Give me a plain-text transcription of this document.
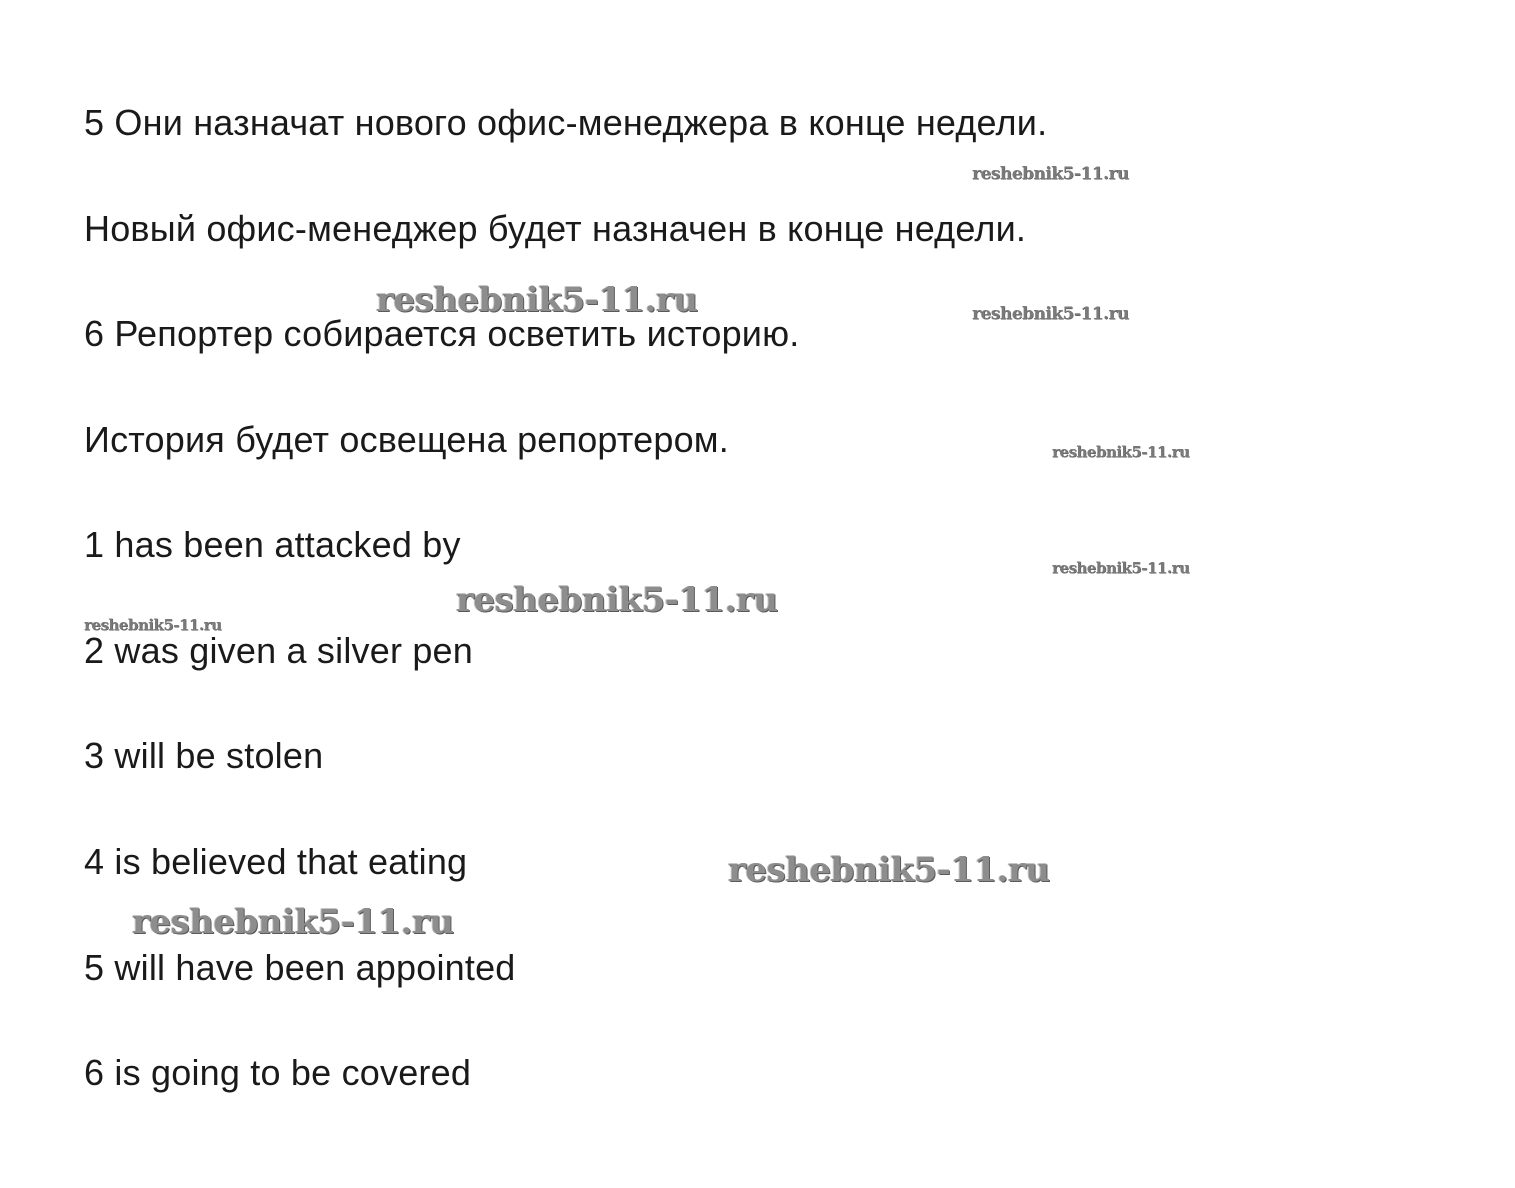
5 Они назначат нового офис-менеджера в конце недели.
Новый офис-менеджер будет назначен в конце недели.
6 Репортер собирается осветить историю.
История будет освещена репортером.
1 has been attacked by
2 was given a silver pen
3 will be stolen
4 is believed that eating
5 will have been appointed
6 is going to be covered
reshebnik5-11.ru
reshebnik5-11.ru	reshebnik5-11.ru
reshebnik5-11.ru
reshebnik5-11.ru
reshebnik5-11.ru
reshebnik5-11.ru
reshebnik5-11.ru
reshebnik5-11.ru
